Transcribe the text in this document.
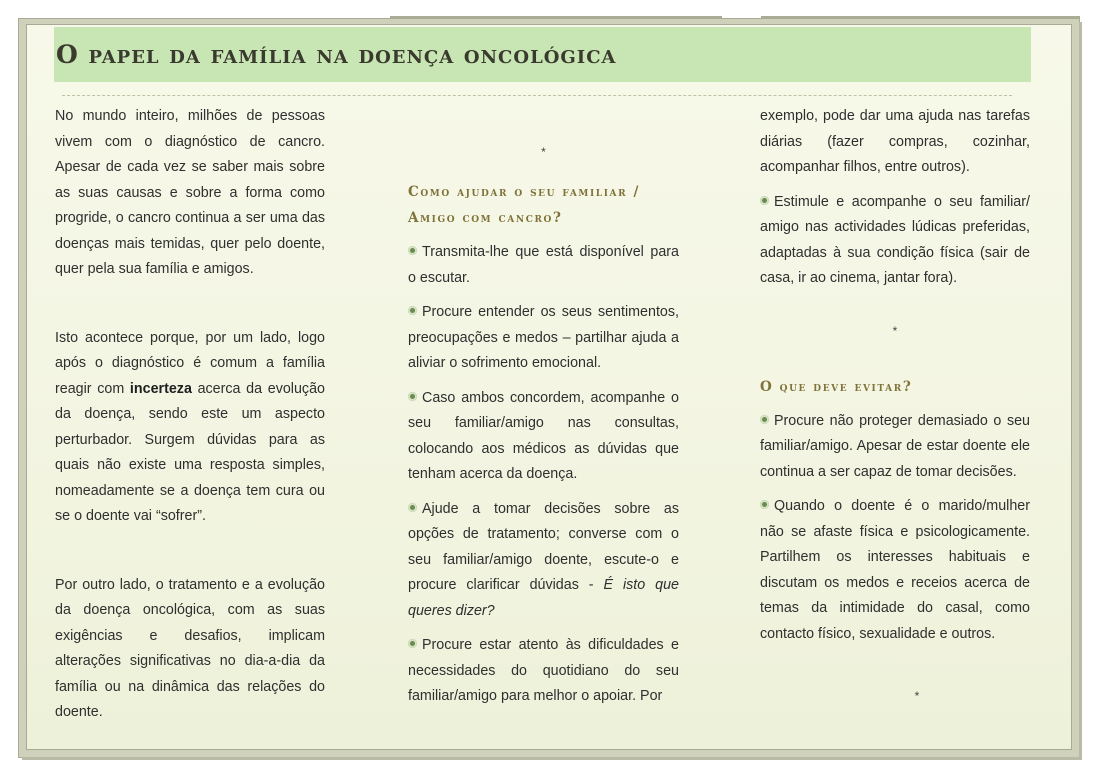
O papel da família na doença oncológica

No mundo inteiro, milhões de pessoas vivem com o diagnóstico de cancro. Apesar de cada vez se saber mais sobre as suas causas e sobre a forma como progride, o cancro continua a ser uma das doenças mais temidas, quer pelo doente, quer pela sua família e amigos.

Isto acontece porque, por um lado, logo após o diagnóstico é comum a família reagir com incerteza acerca da evolução da doença, sendo este um aspecto perturbador. Surgem dúvidas para as quais não existe uma resposta simples, nomeadamente se a doença tem cura ou se o doente vai “sofrer”.

Por outro lado, o tratamento e a evolução da doença oncológica, com as suas exigências e desafios, implicam alterações significativas no dia-a-dia da família ou na dinâmica das relações do doente.

*

Como ajudar o seu familiar /

Amigo com cancro?

Transmita-lhe que está disponível para o escutar.

Procure entender os seus sentimentos, preocupações e medos – partilhar ajuda a aliviar o sofrimento emocional.

Caso ambos concordem, acompanhe o seu familiar/amigo nas consultas, colocando aos médicos as dúvidas que tenham acerca da doença.

Ajude a tomar decisões sobre as opções de tratamento; converse com o seu familiar/amigo doente, escute-o e procure clarificar dúvidas - É isto que queres dizer?

Procure estar atento às dificuldades e necessidades do quotidiano do seu familiar/amigo para melhor o apoiar. Por

exemplo, pode dar uma ajuda nas tarefas diárias (fazer compras, cozinhar, acompanhar filhos, entre outros).

Estimule e acompanhe o seu familiar/ amigo nas actividades lúdicas preferidas, adaptadas à sua condição física (sair de casa, ir ao cinema, jantar fora).

*

O que deve evitar?

Procure não proteger demasiado o seu familiar/amigo. Apesar de estar doente ele continua a ser capaz de tomar decisões.

Quando o doente é o marido/mulher não se afaste física e psicologicamente. Partilhem os interesses habituais e discutam os medos e receios acerca de temas da intimidade do casal, como contacto físico, sexualidade e outros.

*
